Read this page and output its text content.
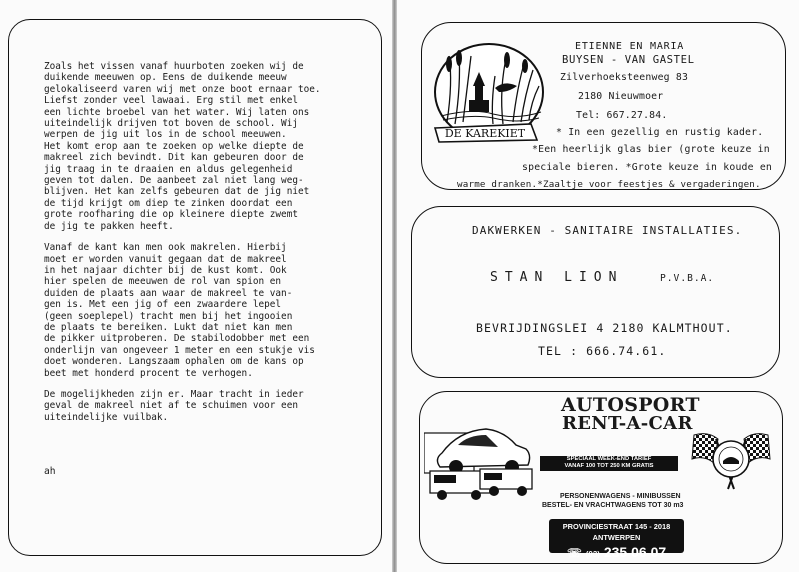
Zoals het vissen vanaf huurboten zoeken wij de
duikende meeuwen op. Eens de duikende meeuw
gelokaliseerd varen wij met onze boot ernaar toe.
Liefst zonder veel lawaai. Erg stil met enkel
een lichte broebel van het water. Wij laten ons
uiteindelijk drijven tot boven de school. Wij
werpen de jig uit los in de school meeuwen.
Het komt erop aan te zoeken op welke diepte de
makreel zich bevindt. Dit kan gebeuren door de
jig traag in te draaien en aldus gelegenheid
geven tot dalen. De aanbeet zal niet lang weg-
blijven. Het kan zelfs gebeuren dat de jig niet
de tijd krijgt om diep te zinken doordat een
grote roofharing die op kleinere diepte zwemt
de jig te pakken heeft.

Vanaf de kant kan men ook makrelen. Hierbij
moet er worden vanuit gegaan dat de makreel
in het najaar dichter bij de kust komt. Ook
hier spelen de meeuwen de rol van spion en
duiden de plaats aan waar de makreel te van-
gen is. Met een jig of een zwaardere lepel
(geen soeplepel) tracht men bij het ingooien
de plaats te bereiken. Lukt dat niet kan men
de pikker uitproberen. De stabilodobber met een
onderlijn van ongeveer 1 meter en een stukje vis
doet wonderen. Langszaam ophalen om de kans op
beet met honderd procent te verhogen.

De mogelijkheden zijn er. Maar tracht in ieder
geval de makreel niet af te schuimen voor een
uiteindelijke vuilbak.

ah
DE KAREKIET
ETIENNE EN MARIA
BUYSEN - VAN GASTEL
Zilverhoeksteenweg 83
2180 Nieuwmoer
Tel: 667.27.84.
* In een gezellig en rustig kader.
*Een heerlijk glas bier (grote keuze in
speciale bieren. *Grote keuze in koude en
warme dranken.*Zaaltje voor feestjes & vergaderingen.
DAKWERKEN - SANITAIRE INSTALLATIES.
STAN LION	P.V.B.A.
BEVRIJDINGSLEI 4 2180 KALMTHOUT.
TEL : 666.74.61.
AUTOSPORT
RENT-A-CAR
SPECIAAL WEEK-END TARIEF
VANAF 100 TOT 250 KM GRATIS
PERSONENWAGENS - MINIBUSSEN
BESTEL- EN VRACHTWAGENS TOT 30 m3
PROVINCIESTRAAT 145 - 2018 ANTWERPEN
☏ (03) 235 06 07
